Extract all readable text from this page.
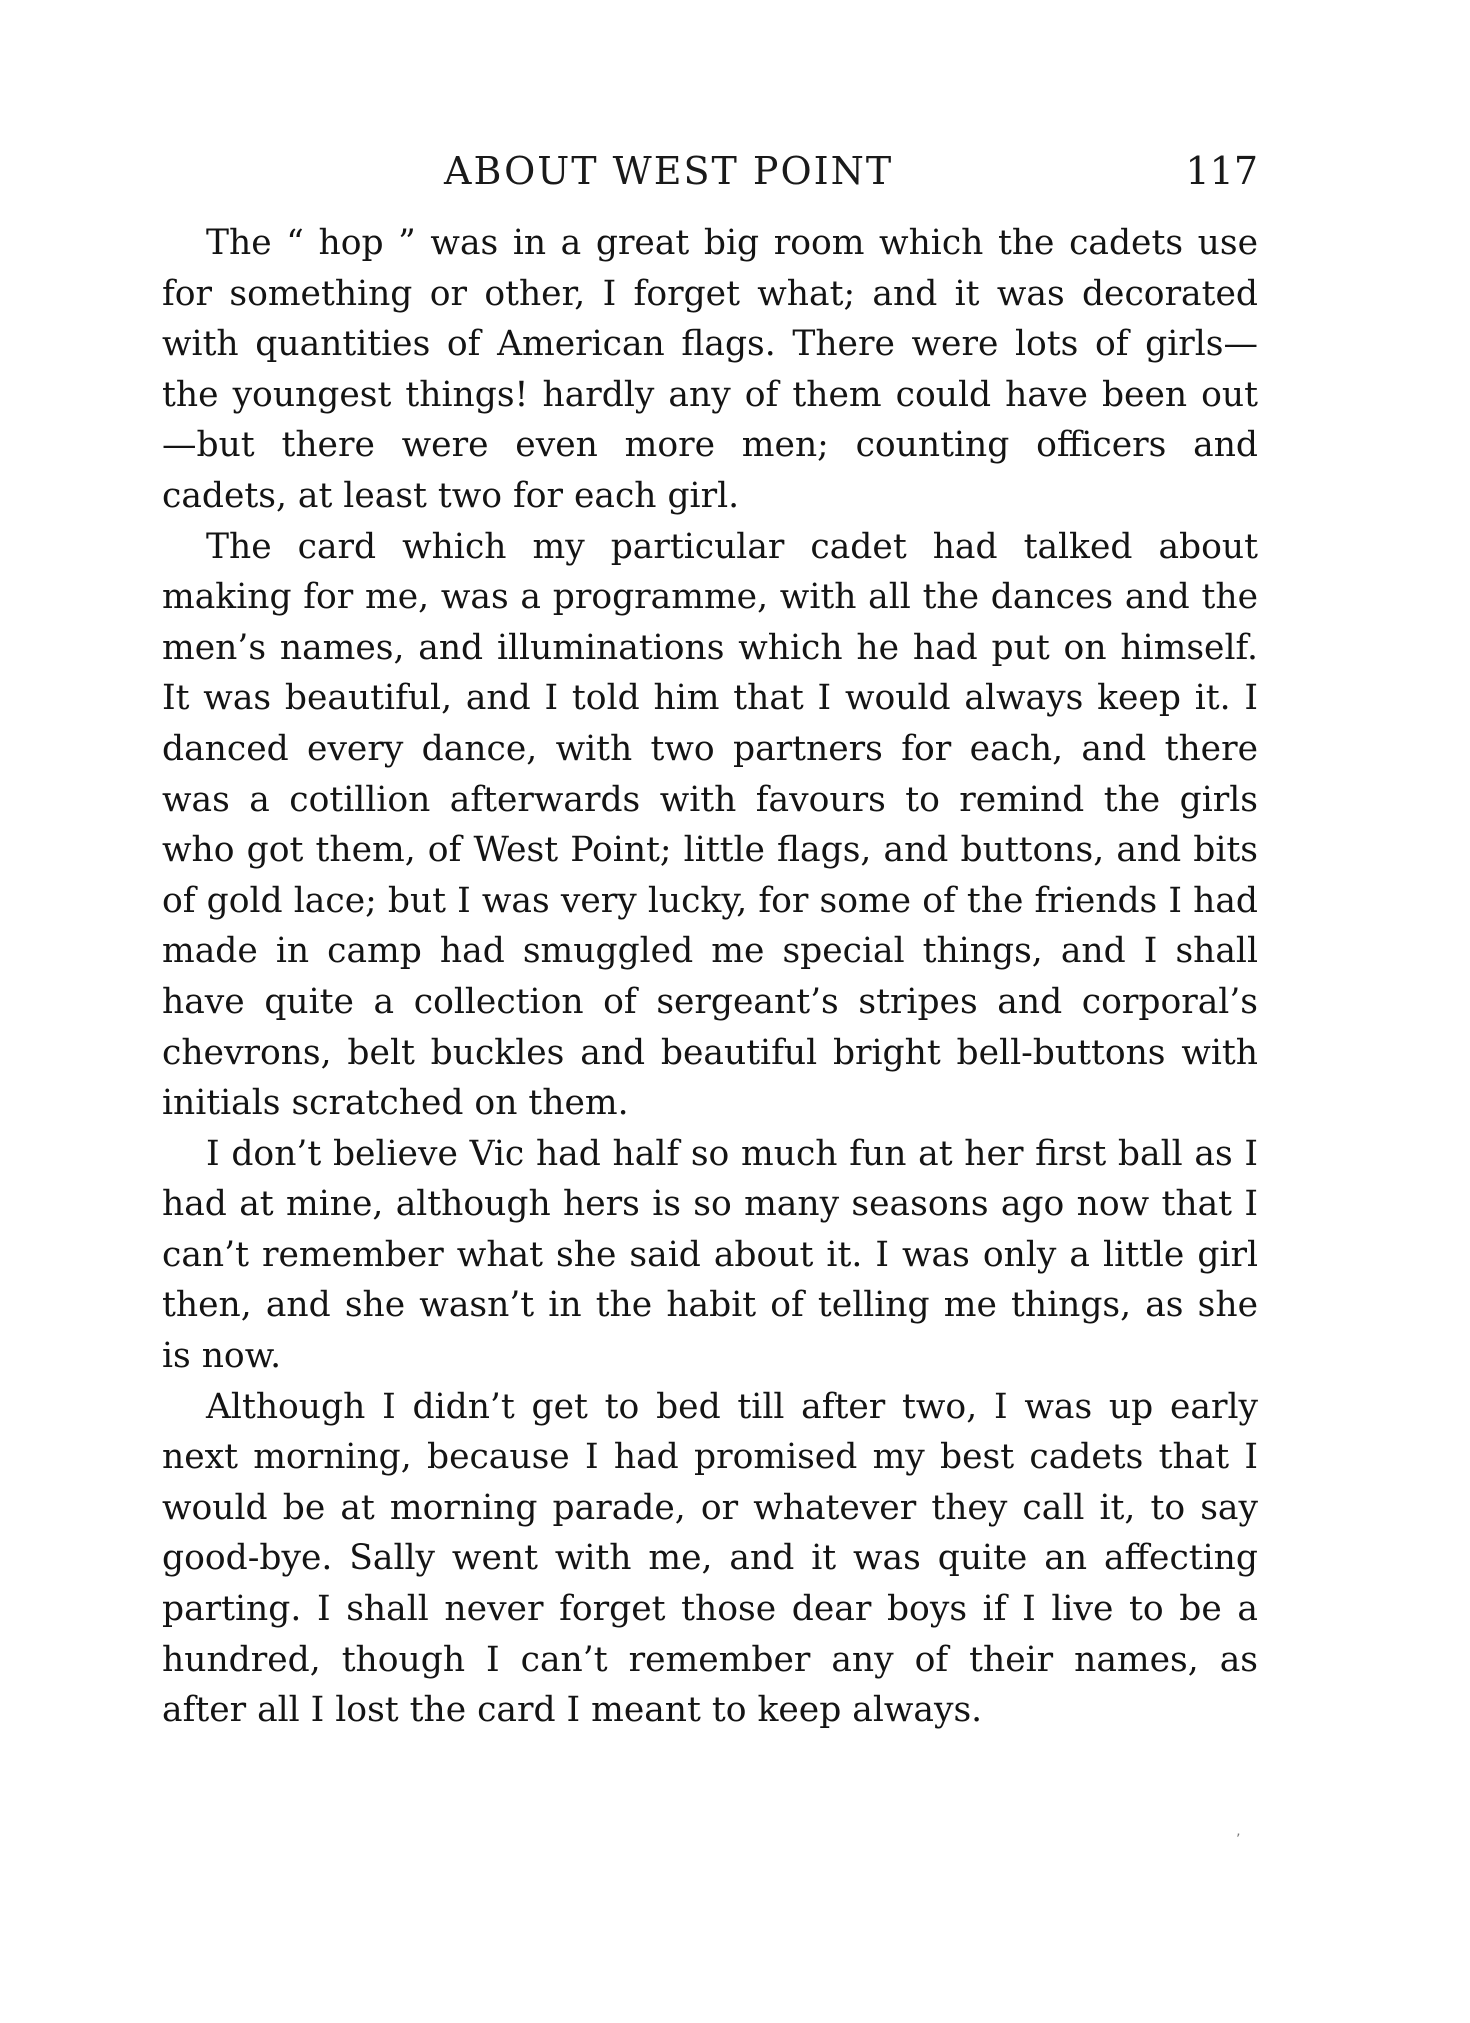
ABOUT WEST POINT	117

The “ hop ” was in a great big room which the cadets use for something or other, I forget what; and it was decorated with quantities of American flags. There were lots of girls—the youngest things! hardly any of them could have been out—but there were even more men; counting officers and cadets, at least two for each girl.

The card which my particular cadet had talked about making for me, was a programme, with all the dances and the men’s names, and illuminations which he had put on himself. It was beautiful, and I told him that I would always keep it. I danced every dance, with two partners for each, and there was a cotillion afterwards with favours to remind the girls who got them, of West Point; little flags, and buttons, and bits of gold lace; but I was very lucky, for some of the friends I had made in camp had smuggled me special things, and I shall have quite a collection of sergeant’s stripes and corporal’s chevrons, belt buckles and beautiful bright bell-buttons with initials scratched on them.

I don’t believe Vic had half so much fun at her first ball as I had at mine, although hers is so many seasons ago now that I can’t remember what she said about it. I was only a little girl then, and she wasn’t in the habit of telling me things, as she is now.

Although I didn’t get to bed till after two, I was up early next morning, because I had promised my best cadets that I would be at morning parade, or whatever they call it, to say good-bye. Sally went with me, and it was quite an affecting parting. I shall never forget those dear boys if I live to be a hundred, though I can’t remember any of their names, as after all I lost the card I meant to keep always.

’
